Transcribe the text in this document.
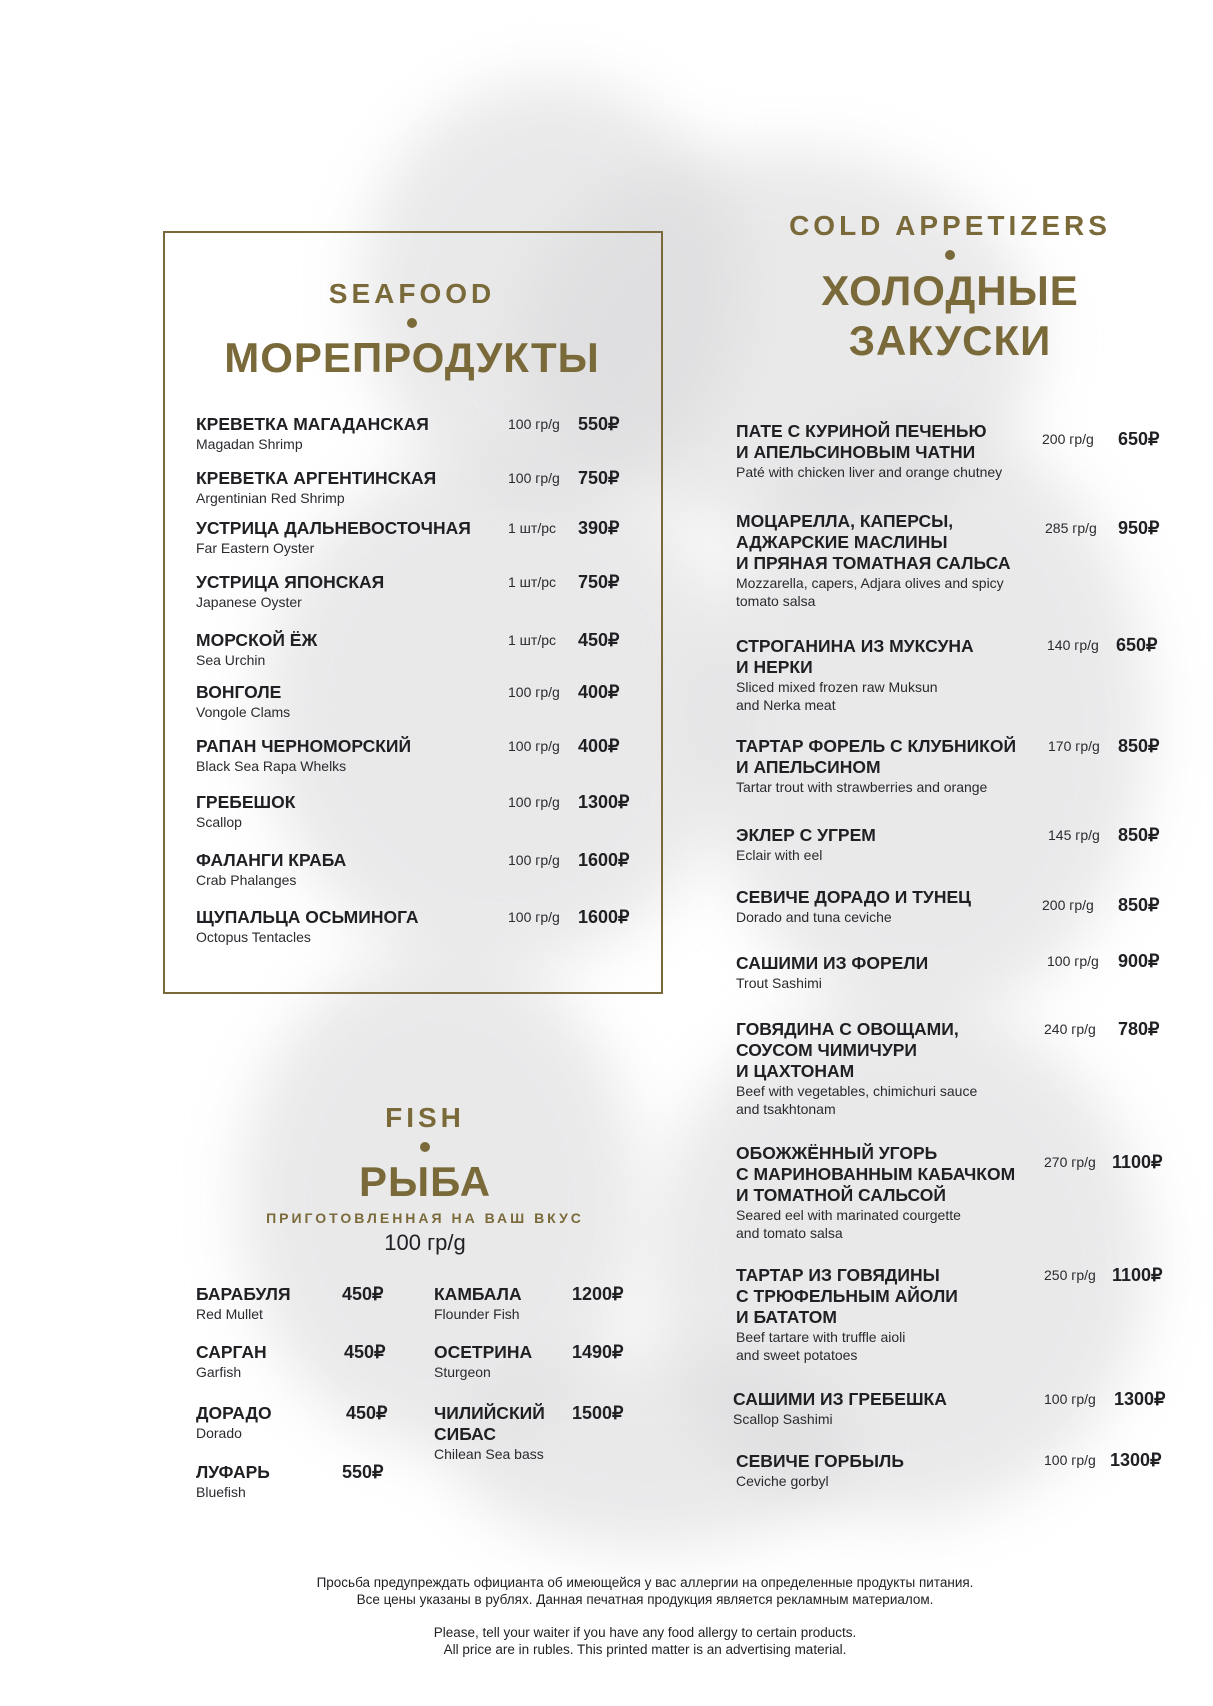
SEAFOOD
МОРЕПРОДУКТЫ
КРЕВЕТКА МАГАДАНСКАЯ
Magadan Shrimp
100 гр/g 550₽
КРЕВЕТКА АРГЕНТИНСКАЯ
Argentinian Red Shrimp
100 гр/g 750₽
УСТРИЦА ДАЛЬНЕВОСТОЧНАЯ
Far Eastern Oyster
1 шт/pc 390₽
УСТРИЦА ЯПОНСКАЯ
Japanese Oyster
1 шт/pc 750₽
МОРСКОЙ ЁЖ
Sea Urchin
1 шт/pc 450₽
ВОНГОЛЕ
Vongole Clams
100 гр/g 400₽
РАПАН ЧЕРНОМОРСКИЙ
Black Sea Rapa Whelks
100 гр/g 400₽
ГРЕБЕШОК
Scallop
100 гр/g 1300₽
ФАЛАНГИ КРАБА
Crab Phalanges
100 гр/g 1600₽
ЩУПАЛЬЦА ОСЬМИНОГА
Octopus Tentacles
100 гр/g 1600₽
FISH
РЫБА
ПРИГОТОВЛЕННАЯ НА ВАШ ВКУС
100 гр/g
БАРАБУЛЯ
Red Mullet
450₽
САРГАН
Garfish
450₽
ДОРАДО
Dorado
450₽
ЛУФАРЬ
Bluefish
550₽
КАМБАЛА
Flounder Fish
1200₽
ОСЕТРИНА
Sturgeon
1490₽
ЧИЛИЙСКИЙ
СИБАС
Chilean Sea bass
1500₽
COLD APPETIZERS
ХОЛОДНЫЕ
ЗАКУСКИ
ПАТЕ С КУРИНОЙ ПЕЧЕНЬЮ
И АПЕЛЬСИНОВЫМ ЧАТНИ
Paté with chicken liver and orange chutney
200 гр/g 650₽
МОЦАРЕЛЛА, КАПЕРСЫ,
АДЖАРСКИЕ МАСЛИНЫ
И ПРЯНАЯ ТОМАТНАЯ САЛЬСА
Mozzarella, capers, Adjara olives and spicy
tomato salsa
285 гр/g 950₽
СТРОГАНИНА ИЗ МУКСУНА
И НЕРКИ
Sliced mixed frozen raw Muksun
and Nerka meat
140 гр/g 650₽
ТАРТАР ФОРЕЛЬ С КЛУБНИКОЙ
И АПЕЛЬСИНОМ
Tartar trout with strawberries and orange
170 гр/g 850₽
ЭКЛЕР С УГРЕМ
Eclair with eel
145 гр/g 850₽
СЕВИЧЕ ДОРАДО И ТУНЕЦ
Dorado and tuna ceviche
200 гр/g 850₽
САШИМИ ИЗ ФОРЕЛИ
Trout Sashimi
100 гр/g 900₽
ГОВЯДИНА С ОВОЩАМИ,
СОУСОМ ЧИМИЧУРИ
И ЦАХТОНАМ
Beef with vegetables, chimichuri sauce
and tsakhtonam
240 гр/g 780₽
ОБОЖЖЁННЫЙ УГОРЬ
С МАРИНОВАННЫМ КАБАЧКОМ
И ТОМАТНОЙ САЛЬСОЙ
Seared eel with marinated courgette
and tomato salsa
270 гр/g 1100₽
ТАРТАР ИЗ ГОВЯДИНЫ
С ТРЮФЕЛЬНЫМ АЙОЛИ
И БАТАТОМ
Beef tartare with truffle aioli
and sweet potatoes
250 гр/g 1100₽
САШИМИ ИЗ ГРЕБЕШКА
Scallop Sashimi
100 гр/g 1300₽
СЕВИЧЕ ГОРБЫЛЬ
Ceviche gorbyl
100 гр/g 1300₽
Просьба предупреждать официанта об имеющейся у вас аллергии на определенные продукты питания.
Все цены указаны в рублях. Данная печатная продукция является рекламным материалом.
Please, tell your waiter if you have any food allergy to certain products.
All price are in rubles. This printed matter is an advertising material.
